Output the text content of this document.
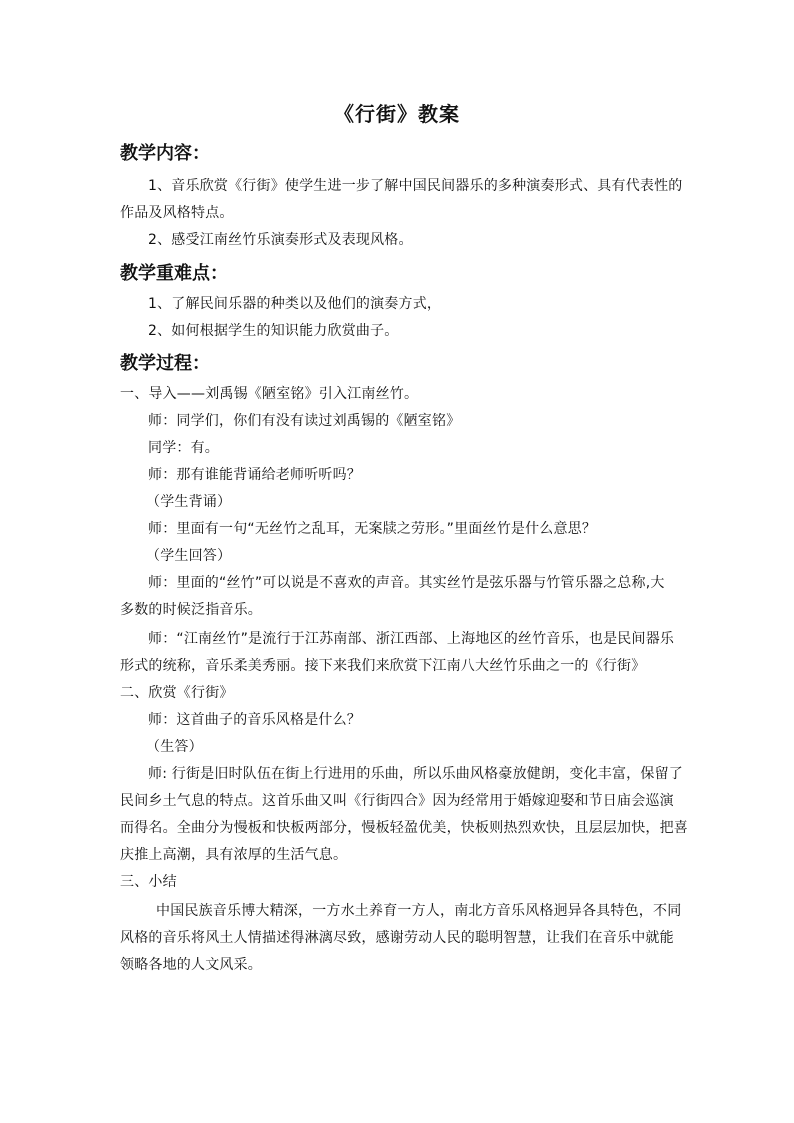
《行街》教案
教学内容：
1、音乐欣赏《行街》使学生进一步了解中国民间器乐的多种演奏形式、具有代表性的
作品及风格特点。
2、感受江南丝竹乐演奏形式及表现风格。
教学重难点：
1、了解民间乐器的种类以及他们的演奏方式，
2、如何根据学生的知识能力欣赏曲子。
教学过程：
一、导入——刘禹锡《陋室铭》引入江南丝竹。
师：同学们，你们有没有读过刘禹锡的《陋室铭》
同学：有。
师：那有谁能背诵给老师听听吗？
（学生背诵）
师：里面有一句“无丝竹之乱耳，无案牍之劳形。”里面丝竹是什么意思？
（学生回答）
师：里面的“丝竹”可以说是不喜欢的声音。其实丝竹是弦乐器与竹管乐器之总称,大
多数的时候泛指音乐。
师：“江南丝竹”是流行于江苏南部、浙江西部、上海地区的丝竹音乐，也是民间器乐
形式的统称，音乐柔美秀丽。接下来我们来欣赏下江南八大丝竹乐曲之一的《行街》
二、欣赏《行街》
师：这首曲子的音乐风格是什么？
（生答）
师: 行街是旧时队伍在街上行进用的乐曲，所以乐曲风格豪放健朗，变化丰富，保留了
民间乡土气息的特点。这首乐曲又叫《行街四合》因为经常用于婚嫁迎娶和节日庙会巡演
而得名。全曲分为慢板和快板两部分，慢板轻盈优美，快板则热烈欢快，且层层加快，把喜
庆推上高潮，具有浓厚的生活气息。
三、小结
中国民族音乐博大精深，一方水土养育一方人，南北方音乐风格迥异各具特色，不同
风格的音乐将风土人情描述得淋漓尽致，感谢劳动人民的聪明智慧，让我们在音乐中就能
领略各地的人文风采。
